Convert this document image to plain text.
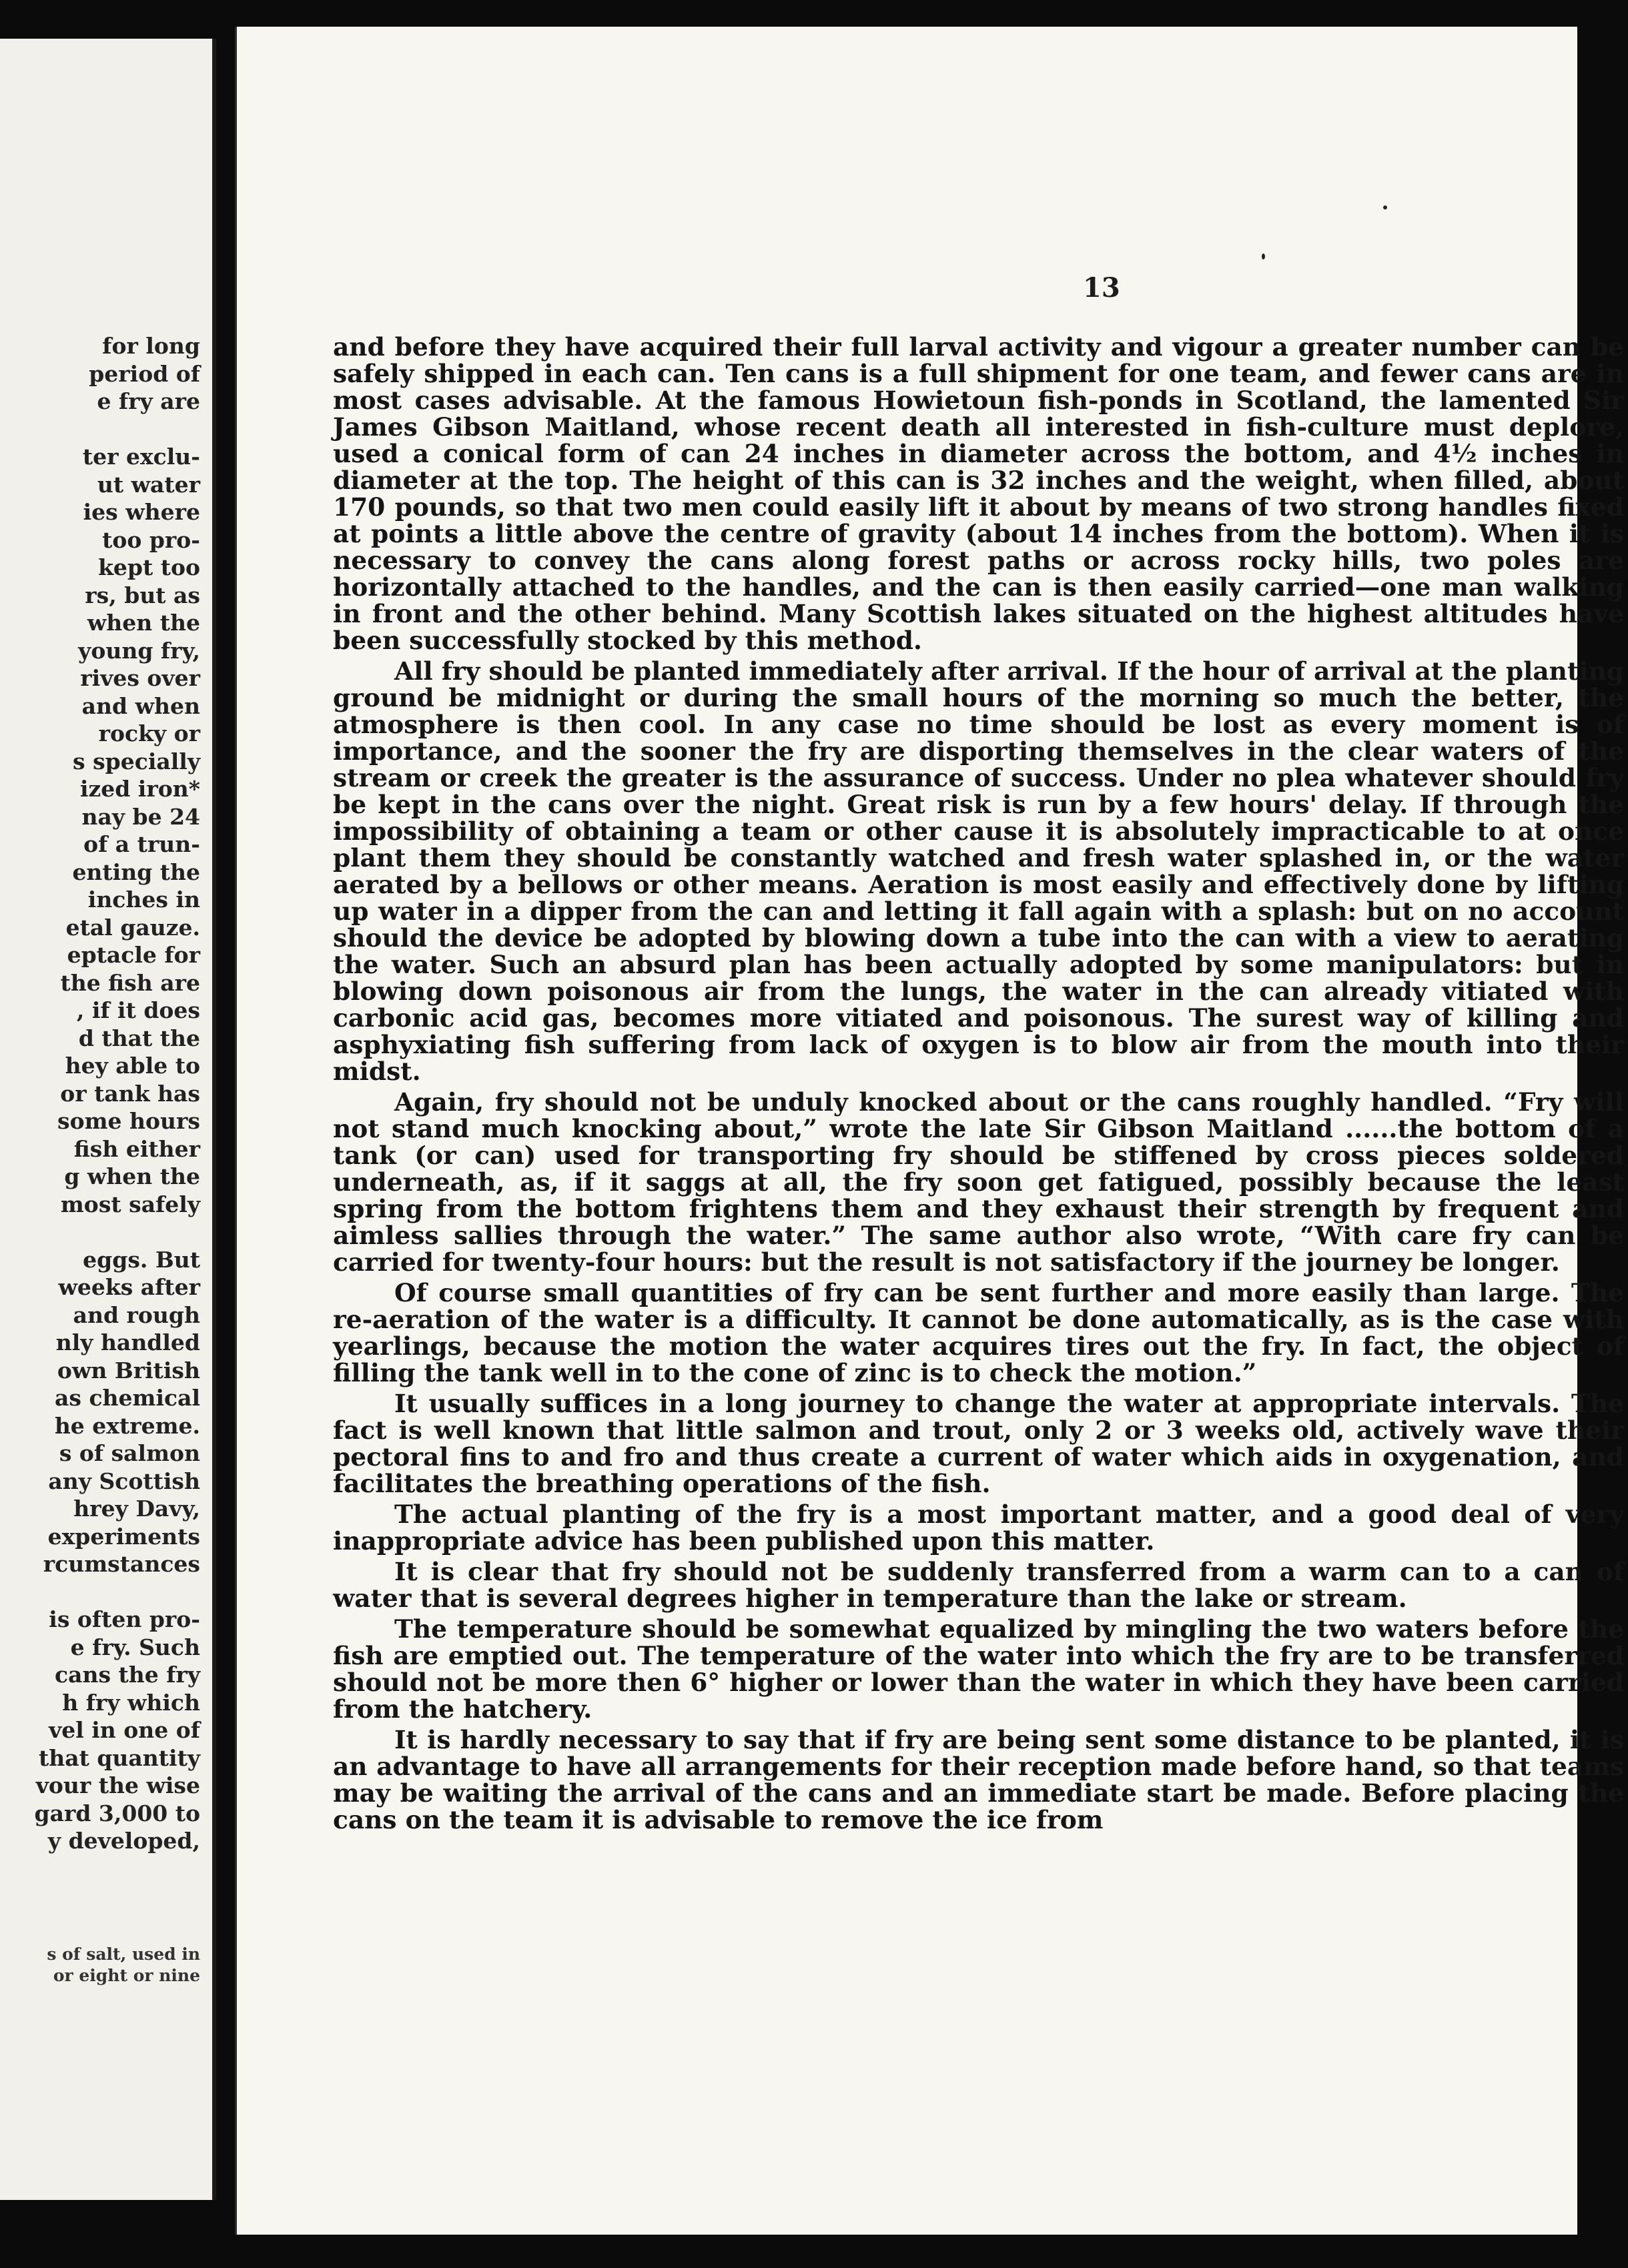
for long
period of
e fry are
ter exclu-
ut water
ies where
too pro-
kept too
rs, but as
when the
young fry,
rives over
and when
rocky or
s specially
ized iron*
nay be 24
of a trun-
enting the
inches in
etal gauze.
eptacle for
the fish are
, if it does
d that the
hey able to
or tank has
some hours
fish either
g when the
most safely
eggs. But
weeks after
and rough
nly handled
own British
as chemical
he extreme.
s of salmon
any Scottish
hrey Davy,
experiments
rcumstances
is often pro-
e fry. Such
cans the fry
h fry which
vel in one of
that quantity
vour the wise
gard 3,000 to
y developed,
s of salt, used in
or eight or nine
13

and before they have acquired their full larval activity and vigour a greater number can be safely shipped in each can. Ten cans is a full shipment for one team, and fewer cans are in most cases advisable. At the famous Howietoun fish-ponds in Scotland, the lamented Sir James Gibson Maitland, whose recent death all interested in fish-culture must deplore, used a conical form of can 24 inches in diameter across the bottom, and 4½ inches in diameter at the top. The height of this can is 32 inches and the weight, when filled, about 170 pounds, so that two men could easily lift it about by means of two strong handles fixed at points a little above the centre of gravity (about 14 inches from the bottom). When it is necessary to convey the cans along forest paths or across rocky hills, two poles are horizontally attached to the handles, and the can is then easily carried—one man walking in front and the other behind. Many Scottish lakes situated on the highest altitudes have been successfully stocked by this method.

All fry should be planted immediately after arrival. If the hour of arrival at the planting ground be midnight or during the small hours of the morning so much the better, the atmosphere is then cool. In any case no time should be lost as every moment is of importance, and the sooner the fry are disporting themselves in the clear waters of the stream or creek the greater is the assurance of success. Under no plea whatever should fry be kept in the cans over the night. Great risk is run by a few hours' delay. If through the impossibility of obtaining a team or other cause it is absolutely impracticable to at once plant them they should be constantly watched and fresh water splashed in, or the water aerated by a bellows or other means. Aeration is most easily and effectively done by lifting up water in a dipper from the can and letting it fall again with a splash: but on no account should the device be adopted by blowing down a tube into the can with a view to aerating the water. Such an absurd plan has been actually adopted by some manipulators: but in blowing down poisonous air from the lungs, the water in the can already vitiated with carbonic acid gas, becomes more vitiated and poisonous. The surest way of killing and asphyxiating fish suffering from lack of oxygen is to blow air from the mouth into their midst.

Again, fry should not be unduly knocked about or the cans roughly handled. “Fry will not stand much knocking about,” wrote the late Sir Gibson Maitland ......the bottom of a tank (or can) used for transporting fry should be stiffened by cross pieces soldered underneath, as, if it saggs at all, the fry soon get fatigued, possibly because the least spring from the bottom frightens them and they exhaust their strength by frequent and aimless sallies through the water.” The same author also wrote, “With care fry can be carried for twenty-four hours: but the result is not satisfactory if the journey be longer.

Of course small quantities of fry can be sent further and more easily than large. The re-aeration of the water is a difficulty. It cannot be done automatically, as is the case with yearlings, because the motion the water acquires tires out the fry. In fact, the object of filling the tank well in to the cone of zinc is to check the motion.”

It usually suffices in a long journey to change the water at appropriate intervals. The fact is well known that little salmon and trout, only 2 or 3 weeks old, actively wave their pectoral fins to and fro and thus create a current of water which aids in oxygenation, and facilitates the breathing operations of the fish.

The actual planting of the fry is a most important matter, and a good deal of very inappropriate advice has been published upon this matter.

It is clear that fry should not be suddenly transferred from a warm can to a can of water that is several degrees higher in temperature than the lake or stream.

The temperature should be somewhat equalized by mingling the two waters before the fish are emptied out. The temperature of the water into which the fry are to be transferred should not be more then 6° higher or lower than the water in which they have been carried from the hatchery.

It is hardly necessary to say that if fry are being sent some distance to be planted, it is an advantage to have all arrangements for their reception made before hand, so that teams may be waiting the arrival of the cans and an immediate start be made. Before placing the cans on the team it is advisable to remove the ice from
